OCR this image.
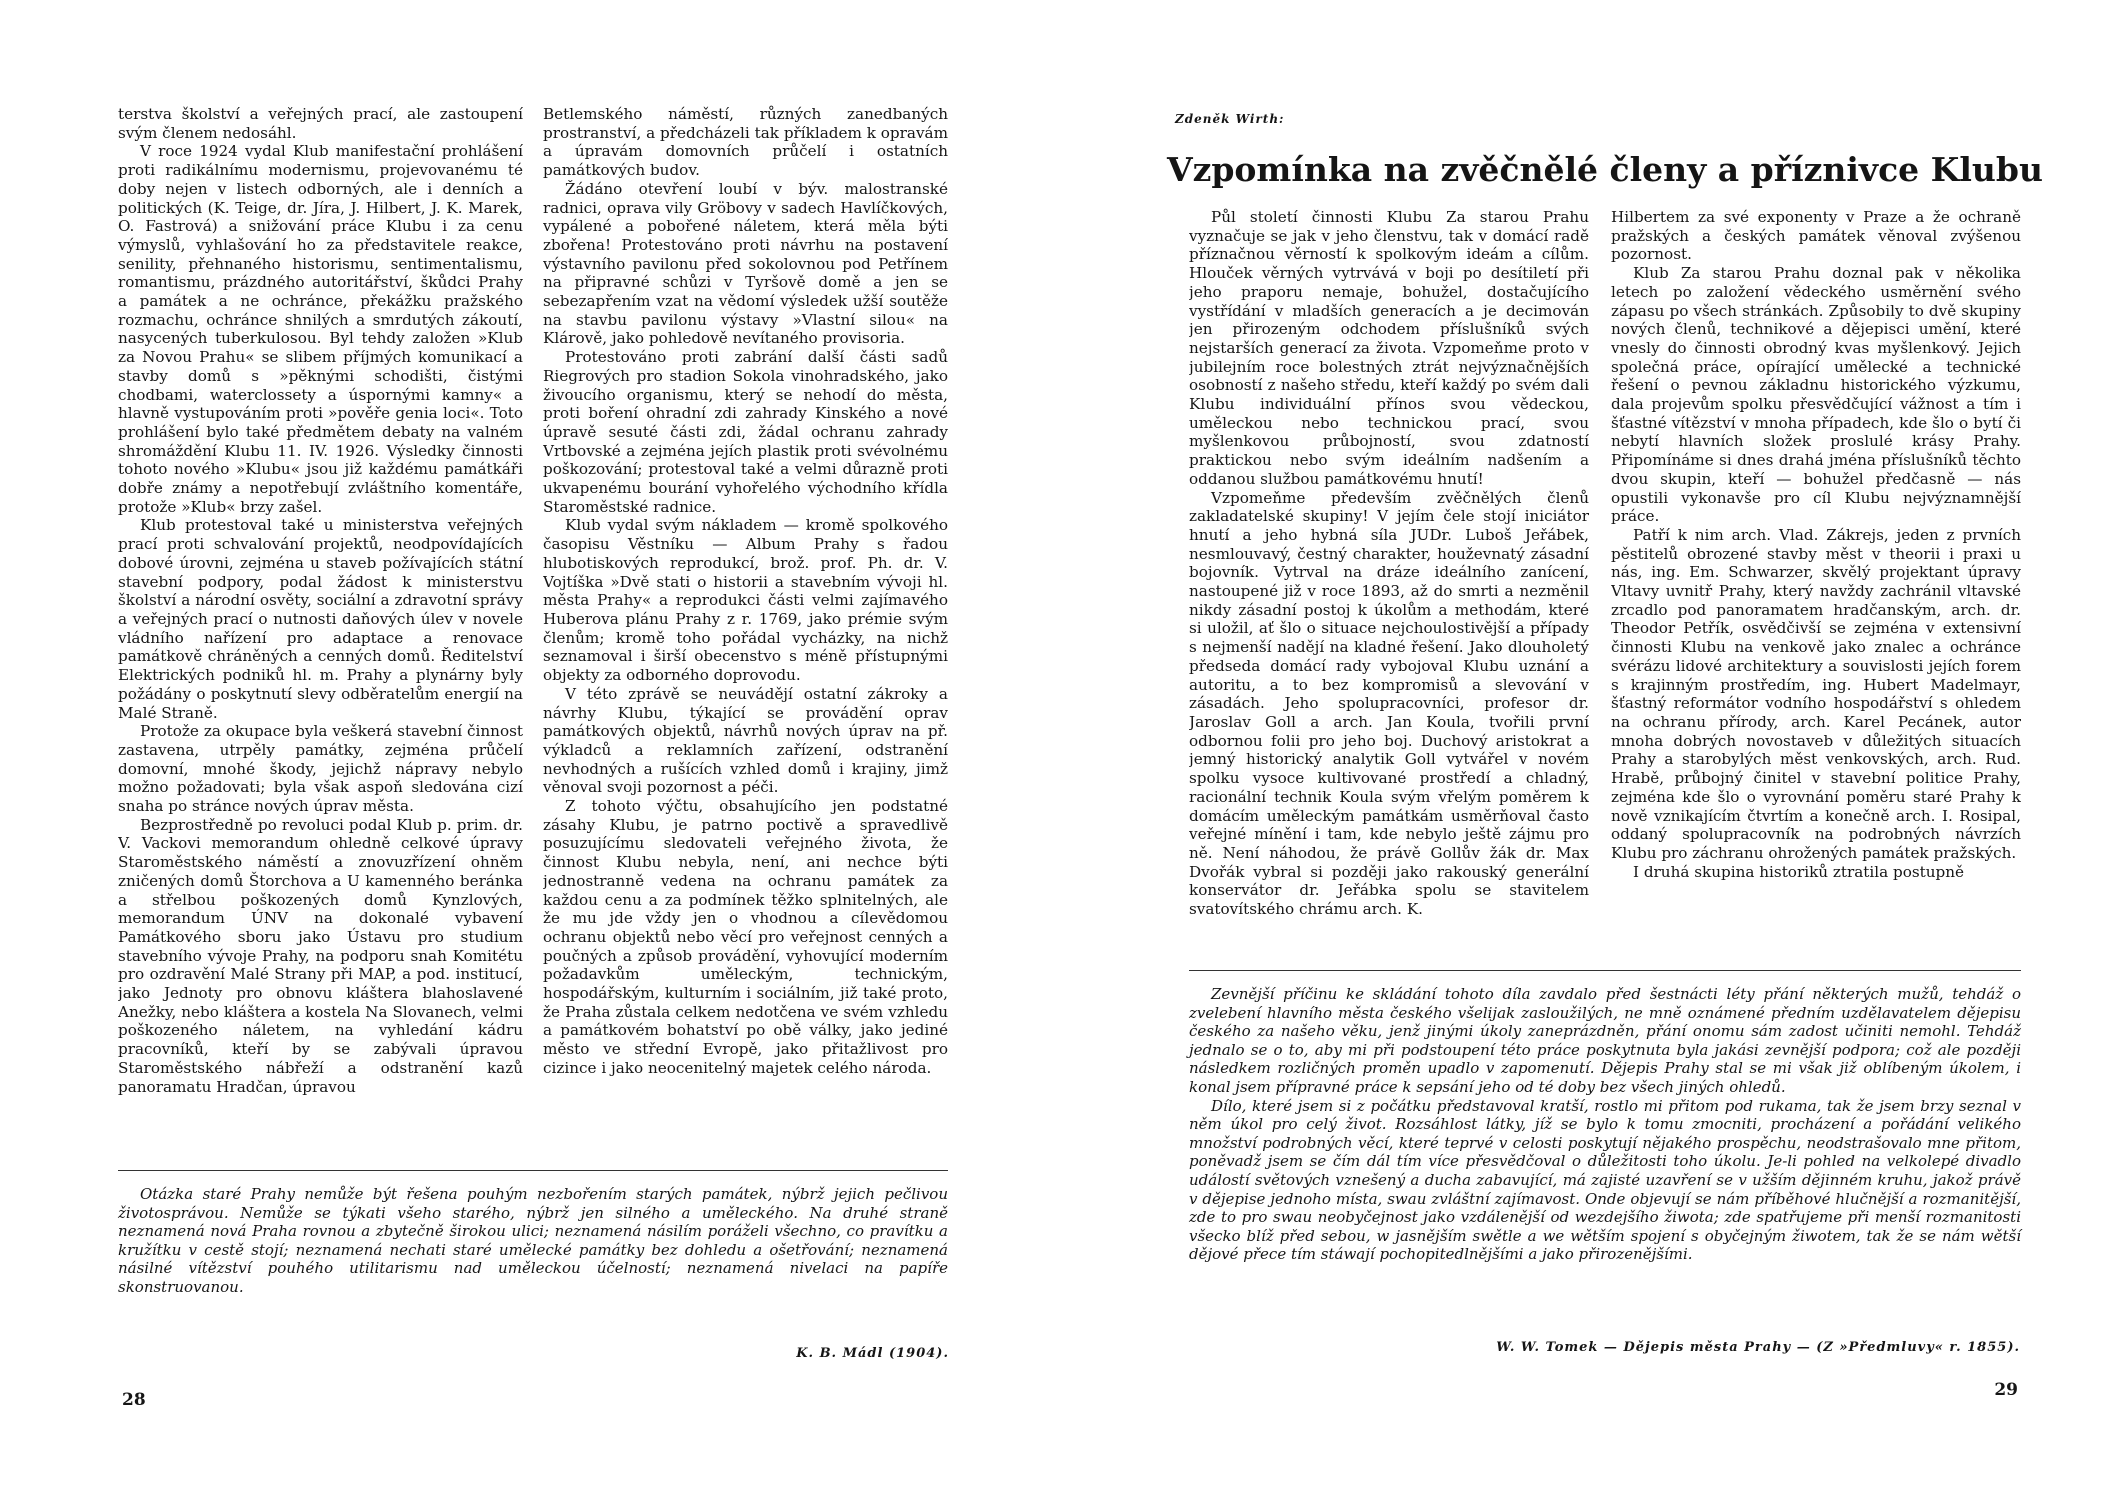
terstva školství a veřejných prací, ale zastoupení svým členem nedosáhl.

V roce 1924 vydal Klub manifestační prohlášení proti radikálnímu modernismu, projevovanému té doby nejen v listech odborných, ale i denních a politických (K. Teige, dr. Jíra, J. Hilbert, J. K. Marek, O. Fastrová) a snižování práce Klubu i za cenu výmyslů, vyhlašování ho za představitele reakce, senility, přehnaného historismu, sentimentalismu, romantismu, prázdného autoritářství, škůdci Prahy a památek a ne ochránce, překážku pražského rozmachu, ochránce shnilých a smrdutých zákoutí, nasycených tuberkulosou. Byl tehdy založen »Klub za Novou Prahu« se slibem příjmých komunikací a stavby domů s »pěknými schodišti, čistými chodbami, waterclossety a úspornými kamny« a hlavně vystupováním proti »pověře genia loci«. Toto prohlášení bylo také předmětem debaty na valném shromáždění Klubu 11. IV. 1926. Výsledky činnosti tohoto nového »Klubu« jsou již každému památkáři dobře známy a nepotřebují zvláštního komentáře, protože »Klub« brzy zašel.

Klub protestoval také u ministerstva veřejných prací proti schvalování projektů, neodpovídajících dobové úrovni, zejména u staveb požívajících státní stavební podpory, podal žádost k ministerstvu školství a národní osvěty, sociální a zdravotní správy a veřejných prací o nutnosti daňových úlev v novele vládního nařízení pro adaptace a renovace památkově chráněných a cenných domů. Ředitelství Elektrických podniků hl. m. Prahy a plynárny byly požádány o poskytnutí slevy odběratelům energií na Malé Straně.

Protože za okupace byla veškerá stavební činnost zastavena, utrpěly památky, zejména průčelí domovní, mnohé škody, jejichž nápravy nebylo možno požadovati; byla však aspoň sledována cizí snaha po stránce nových úprav města.

Bezprostředně po revoluci podal Klub p. prim. dr. V. Vackovi memorandum ohledně celkové úpravy Staroměstského náměstí a znovuzřízení ohněm zničených domů Štorchova a U kamenného beránka a střelbou poškozených domů Kynzlových, memorandum ÚNV na dokonalé vybavení Památkového sboru jako Ústavu pro studium stavebního vývoje Prahy, na podporu snah Komitétu pro ozdravění Malé Strany při MAP, a pod. institucí, jako Jednoty pro obnovu kláštera blahoslavené Anežky, nebo kláštera a kostela Na Slovanech, velmi poškozeného náletem, na vyhledání kádru pracovníků, kteří by se zabývali úpravou Staroměstského nábřeží a odstranění kazů panoramatu Hradčan, úpravou

Betlemského náměstí, různých zanedbaných prostranství, a předcházeli tak příkladem k opravám a úpravám domovních průčelí i ostatních památkových budov.

Žádáno otevření loubí v býv. malostranské radnici, oprava vily Gröbovy v sadech Havlíčkových, vypálené a pobořené náletem, která měla býti zbořena! Protestováno proti návrhu na postavení výstavního pavilonu před sokolovnou pod Petřínem na připravné schůzi v Tyršově domě a jen se sebezapřením vzat na vědomí výsledek užší soutěže na stavbu pavilonu výstavy »Vlastní silou« na Klárově, jako pohledově nevítaného provisoria.

Protestováno proti zabrání další části sadů Riegrových pro stadion Sokola vinohradského, jako živoucího organismu, který se nehodí do města, proti boření ohradní zdi zahrady Kinského a nové úpravě sesuté části zdi, žádal ochranu zahrady Vrtbovské a zejména jejích plastik proti svévolnému poškozování; protestoval také a velmi důrazně proti ukvapenému bourání vyhořelého východního křídla Staroměstské radnice.

Klub vydal svým nákladem — kromě spolkového časopisu Věstníku — Album Prahy s řadou hlubotiskových reprodukcí, brož. prof. Ph. dr. V. Vojtíška »Dvě stati o historii a stavebním vývoji hl. města Prahy« a reprodukci části velmi zajímavého Huberova plánu Prahy z r. 1769, jako prémie svým členům; kromě toho pořádal vycházky, na nichž seznamoval i širší obecenstvo s méně přístupnými objekty za odborného doprovodu.

V této zprávě se neuvádějí ostatní zákroky a návrhy Klubu, týkající se provádění oprav památkových objektů, návrhů nových úprav na př. výkladců a reklamních zařízení, odstranění nevhodných a rušících vzhled domů i krajiny, jimž věnoval svoji pozornost a péči.

Z tohoto výčtu, obsahujícího jen podstatné zásahy Klubu, je patrno poctivě a spravedlivě posuzujícímu sledovateli veřejného života, že činnost Klubu nebyla, není, ani nechce býti jednostranně vedena na ochranu památek za každou cenu a za podmínek těžko splnitelných, ale že mu jde vždy jen o vhodnou a cílevědomou ochranu objektů nebo věcí pro veřejnost cenných a poučných a způsob provádění, vyhovující moderním požadavkům uměleckým, technickým, hospodářským, kulturním i sociálním, již také proto, že Praha zůstala celkem nedotčena ve svém vzhledu a památkovém bohatství po obě války, jako jediné město ve střední Evropě, jako přitažlivost pro cizince i jako neocenitelný majetek celého národa.

Otázka staré Prahy nemůže být řešena pouhým nezbořením starých památek, nýbrž jejich pečlivou životosprávou. Nemůže se týkati všeho starého, nýbrž jen silného a uměleckého. Na druhé straně neznamená nová Praha rovnou a zbytečně širokou ulici; neznamená násilím poráželi všechno, co pravítku a kružítku v cestě stojí; neznamená nechati staré umělecké památky bez dohledu a ošetřování; neznamená násilné vítězství pouhého utilitarismu nad uměleckou účelností; neznamená nivelaci na papíře skonstruovanou.

K. B. Mádl (1904).
28
Zdeněk Wirth:
Vzpomínka na zvěčnělé členy a příznivce Klubu

Půl století činnosti Klubu Za starou Prahu vyznačuje se jak v jeho členstvu, tak v domácí radě příznačnou věrností k spolkovým ideám a cílům. Hlouček věrných vytrvává v boji po desítiletí při jeho praporu nemaje, bohužel, dostačujícího vystřídání v mladších generacích a je decimován jen přirozeným odchodem příslušníků svých nejstarších generací za života. Vzpomeňme proto v jubilejním roce bolestných ztrát nejvýznačnějších osobností z našeho středu, kteří každý po svém dali Klubu individuální přínos svou vědeckou, uměleckou nebo technickou prací, svou myšlenkovou průbojností, svou zdatností praktickou nebo svým ideálním nadšením a oddanou službou památkovému hnutí!

Vzpomeňme především zvěčnělých členů zakladatelské skupiny! V jejím čele stojí iniciátor hnutí a jeho hybná síla JUDr. Luboš Jeřábek, nesmlouvavý, čestný charakter, houževnatý zásadní bojovník. Vytrval na dráze ideálního zanícení, nastoupené již v roce 1893, až do smrti a nezměnil nikdy zásadní postoj k úkolům a methodám, které si uložil, ať šlo o situace nejchoulostivější a případy s nejmenší nadějí na kladné řešení. Jako dlouholetý předseda domácí rady vybojoval Klubu uznání a autoritu, a to bez kompromisů a slevování v zásadách. Jeho spolupracovníci, profesor dr. Jaroslav Goll a arch. Jan Koula, tvořili první odbornou folii pro jeho boj. Duchový aristokrat a jemný historický analytik Goll vytvářel v novém spolku vysoce kultivované prostředí a chladný, racionální technik Koula svým vřelým poměrem k domácím uměleckým památkám usměrňoval často veřejné mínění i tam, kde nebylo ještě zájmu pro ně. Není náhodou, že právě Gollův žák dr. Max Dvořák vybral si později jako rakouský generální konservátor dr. Jeřábka spolu se stavitelem svatovítského chrámu arch. K.

Hilbertem za své exponenty v Praze a že ochraně pražských a českých památek věnoval zvýšenou pozornost.

Klub Za starou Prahu doznal pak v několika letech po založení vědeckého usměrnění svého zápasu po všech stránkách. Způsobily to dvě skupiny nových členů, technikové a dějepisci umění, které vnesly do činnosti obrodný kvas myšlenkový. Jejich společná práce, opírající umělecké a technické řešení o pevnou základnu historického výzkumu, dala projevům spolku přesvědčující vážnost a tím i šťastné vítězství v mnoha případech, kde šlo o bytí či nebytí hlavních složek proslulé krásy Prahy. Připomínáme si dnes drahá jména příslušníků těchto dvou skupin, kteří — bohužel předčasně — nás opustili vykonavše pro cíl Klubu nejvýznamnější práce.

Patří k nim arch. Vlad. Zákrejs, jeden z prvních pěstitelů obrozené stavby měst v theorii i praxi u nás, ing. Em. Schwarzer, skvělý projektant úpravy Vltavy uvnitř Prahy, který navždy zachránil vltavské zrcadlo pod panoramatem hradčanským, arch. dr. Theodor Petřík, osvědčivší se zejména v extensivní činnosti Klubu na venkově jako znalec a ochránce svérázu lidové architektury a souvislosti jejích forem s krajinným prostředím, ing. Hubert Madelmayr, šťastný reformátor vodního hospodářství s ohledem na ochranu přírody, arch. Karel Pecánek, autor mnoha dobrých novostaveb v důležitých situacích Prahy a starobylých měst venkovských, arch. Rud. Hrabě, průbojný činitel v stavební politice Prahy, zejména kde šlo o vyrovnání poměru staré Prahy k nově vznikajícím čtvrtím a konečně arch. I. Rosipal, oddaný spolupracovník na podrobných návrzích Klubu pro záchranu ohrožených památek pražských.

I druhá skupina historiků ztratila postupně

Zevnější příčinu ke skládání tohoto díla zavdalo před šestnácti léty přání některých mužů, tehdáž o zvelebení hlavního města českého všelijak zasloužilých, ne mně oznámené předním uzdělavatelem dějepisu českého za našeho věku, jenž jinými úkoly zaneprázdněn, přání onomu sám zadost učiniti nemohl. Tehdáž jednalo se o to, aby mi při podstoupení této práce poskytnuta byla jakási zevnější podpora; což ale později následkem rozličných proměn upadlo v zapomenutí. Dějepis Prahy stal se mi však již oblíbeným úkolem, i konal jsem přípravné práce k sepsání jeho od té doby bez všech jiných ohledů.

Dílo, které jsem si z počátku představoval kratší, rostlo mi přitom pod rukama, tak že jsem brzy seznal v něm úkol pro celý život. Rozsáhlost látky, jíž se bylo k tomu zmocniti, procházení a pořádání velikého množství podrobných věcí, které teprvé v celosti poskytují nějakého prospěchu, neodstrašovalo mne přitom, poněvadž jsem se čím dál tím více přesvědčoval o důležitosti toho úkolu. Je-li pohled na velkolepé divadlo událostí světových vznešený a ducha zabavující, má zajisté uzavření se v užším dějinném kruhu, jakož právě v dějepise jednoho místa, swau zvláštní zajímavost. Onde objevují se nám příběhové hlučnější a rozmanitější, zde to pro swau neobyčejnost jako vzdálenější od wezdejšího žiwota; zde spatřujeme při menší rozmanitosti všecko blíž před sebou, w jasnějším swětle a we wětším spojení s obyčejným žiwotem, tak že se nám wětší dějové přece tím stáwají pochopitedlnějšími a jako přirozenějšími.

W. W. Tomek — Dějepis města Prahy — (Z »Předmluvy« r. 1855).
29
